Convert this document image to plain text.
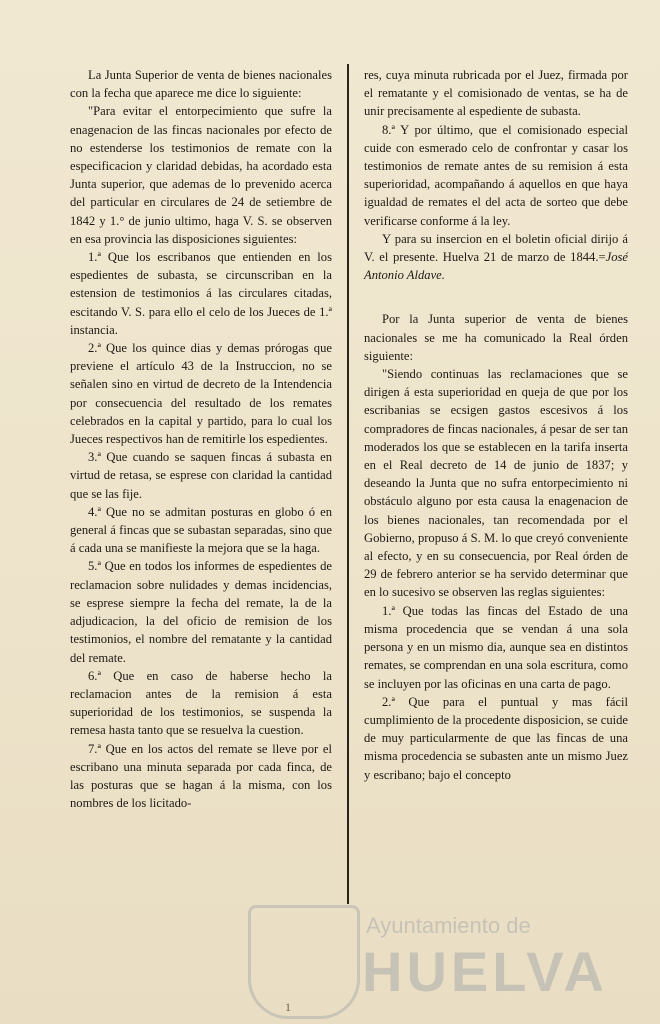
La Junta Superior de venta de bienes nacionales con la fecha que aparece me dice lo siguiente:

"Para evitar el entorpecimiento que sufre la enagenacion de las fincas nacionales por efecto de no estenderse los testimonios de remate con la especificacion y claridad debidas, ha acordado esta Junta superior, que ademas de lo prevenido acerca del particular en circulares de 24 de setiembre de 1842 y 1.° de junio ultimo, haga V. S. se observen en esa provincia las disposiciones siguientes:

1.ª Que los escribanos que entienden en los espedientes de subasta, se circunscriban en la estension de testimonios á las circulares citadas, escitando V. S. para ello el celo de los Jueces de 1.ª instancia.

2.ª Que los quince dias y demas prórogas que previene el artículo 43 de la Instruccion, no se señalen sino en virtud de decreto de la Intendencia por consecuencia del resultado de los remates celebrados en la capital y partido, para lo cual los Jueces respectivos han de remitirle los espedientes.

3.ª Que cuando se saquen fincas á subasta en virtud de retasa, se esprese con claridad la cantidad que se las fije.

4.ª Que no se admitan posturas en globo ó en general á fincas que se subastan separadas, sino que á cada una se manifieste la mejora que se la haga.

5.ª Que en todos los informes de espedientes de reclamacion sobre nulidades y demas incidencias, se esprese siempre la fecha del remate, la de la adjudicacion, la del oficio de remision de los testimonios, el nombre del rematante y la cantidad del remate.

6.ª Que en caso de haberse hecho la reclamacion antes de la remision á esta superioridad de los testimonios, se suspenda la remesa hasta tanto que se resuelva la cuestion.

7.ª Que en los actos del remate se lleve por el escribano una minuta separada por cada finca, de las posturas que se hagan á la misma, con los nombres de los licitado-

res, cuya minuta rubricada por el Juez, firmada por el rematante y el comisionado de ventas, se ha de unir precisamente al espediente de subasta.

8.ª Y por último, que el comisionado especial cuide con esmerado celo de confrontar y casar los testimonios de remate antes de su remision á esta superioridad, acompañando á aquellos en que haya igualdad de remates el del acta de sorteo que debe verificarse conforme á la ley.

Y para su insercion en el boletin oficial dirijo á V. el presente. Huelva 21 de marzo de 1844.=José Antonio Aldave.

Por la Junta superior de venta de bienes nacionales se me ha comunicado la Real órden siguiente:

"Siendo continuas las reclamaciones que se dirigen á esta superioridad en queja de que por los escribanias se ecsigen gastos escesivos á los compradores de fincas nacionales, á pesar de ser tan moderados los que se establecen en la tarifa inserta en el Real decreto de 14 de junio de 1837; y deseando la Junta que no sufra entorpecimiento ni obstáculo alguno por esta causa la enagenacion de los bienes nacionales, tan recomendada por el Gobierno, propuso á S. M. lo que creyó conveniente al efecto, y en su consecuencia, por Real órden de 29 de febrero anterior se ha servido determinar que en lo sucesivo se observen las reglas siguientes:

1.ª Que todas las fincas del Estado de una misma procedencia que se vendan á una sola persona y en un mismo dia, aunque sea en distintos remates, se comprendan en una sola escritura, como se incluyen por las oficinas en una carta de pago.

2.ª Que para el puntual y mas fácil cumplimiento de la procedente disposicion, se cuide de muy particularmente de que las fincas de una misma procedencia se subasten ante un mismo Juez y escribano; bajo el concepto

Ayuntamiento de
HUELVA
1
